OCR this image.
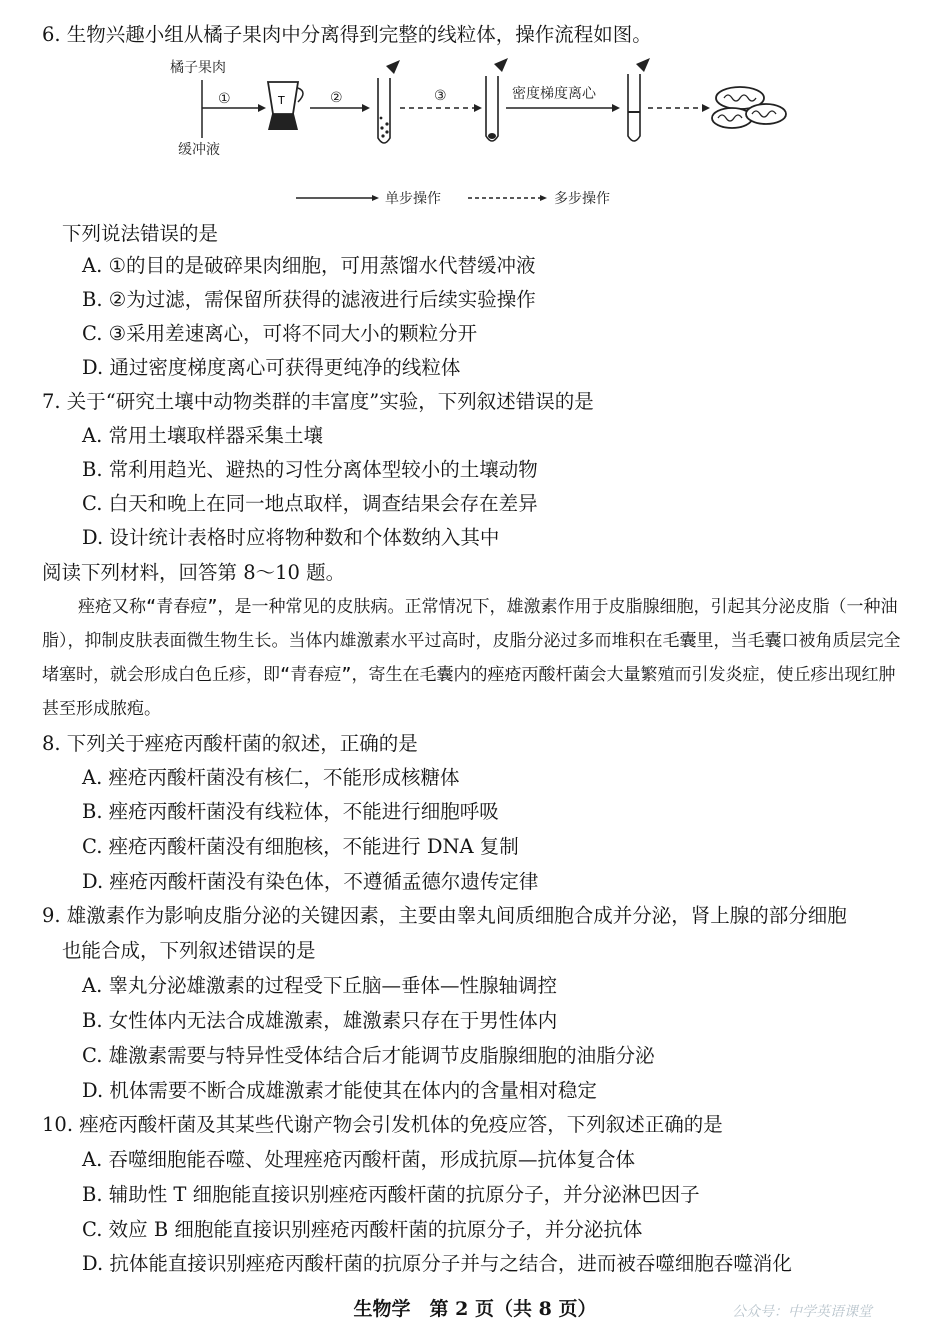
6. 生物兴趣小组从橘子果肉中分离得到完整的线粒体，操作流程如图。
橘子果肉
缓冲液
①	T	②	③	密度梯度离心
单步操作	多步操作
下列说法错误的是
A. ①的目的是破碎果肉细胞，可用蒸馏水代替缓冲液
B. ②为过滤，需保留所获得的滤液进行后续实验操作
C. ③采用差速离心，可将不同大小的颗粒分开
D. 通过密度梯度离心可获得更纯净的线粒体
7. 关于“研究土壤中动物类群的丰富度”实验，下列叙述错误的是
A. 常用土壤取样器采集土壤
B. 常利用趋光、避热的习性分离体型较小的土壤动物
C. 白天和晚上在同一地点取样，调查结果会存在差异
D. 设计统计表格时应将物种数和个体数纳入其中
阅读下列材料，回答第 8～10 题。
痤疮又称“青春痘”，是一种常见的皮肤病。正常情况下，雄激素作用于皮脂腺细胞，引起其分泌皮脂（一种油脂），抑制皮肤表面微生物生长。当体内雄激素水平过高时，皮脂分泌过多而堆积在毛囊里，当毛囊口被角质层完全堵塞时，就会形成白色丘疹，即“青春痘”，寄生在毛囊内的痤疮丙酸杆菌会大量繁殖而引发炎症，使丘疹出现红肿甚至形成脓疱。
8. 下列关于痤疮丙酸杆菌的叙述，正确的是
A. 痤疮丙酸杆菌没有核仁，不能形成核糖体
B. 痤疮丙酸杆菌没有线粒体，不能进行细胞呼吸
C. 痤疮丙酸杆菌没有细胞核，不能进行 DNA 复制
D. 痤疮丙酸杆菌没有染色体，不遵循孟德尔遗传定律
9. 雄激素作为影响皮脂分泌的关键因素，主要由睾丸间质细胞合成并分泌，肾上腺的部分细胞
也能合成，下列叙述错误的是
A. 睾丸分泌雄激素的过程受下丘脑—垂体—性腺轴调控
B. 女性体内无法合成雄激素，雄激素只存在于男性体内
C. 雄激素需要与特异性受体结合后才能调节皮脂腺细胞的油脂分泌
D. 机体需要不断合成雄激素才能使其在体内的含量相对稳定
10. 痤疮丙酸杆菌及其某些代谢产物会引发机体的免疫应答，下列叙述正确的是
A. 吞噬细胞能吞噬、处理痤疮丙酸杆菌，形成抗原—抗体复合体
B. 辅助性 T 细胞能直接识别痤疮丙酸杆菌的抗原分子，并分泌淋巴因子
C. 效应 B 细胞能直接识别痤疮丙酸杆菌的抗原分子，并分泌抗体
D. 抗体能直接识别痤疮丙酸杆菌的抗原分子并与之结合，进而被吞噬细胞吞噬消化
生物学　第 2 页（共 8 页）	公众号：中学英语课堂
